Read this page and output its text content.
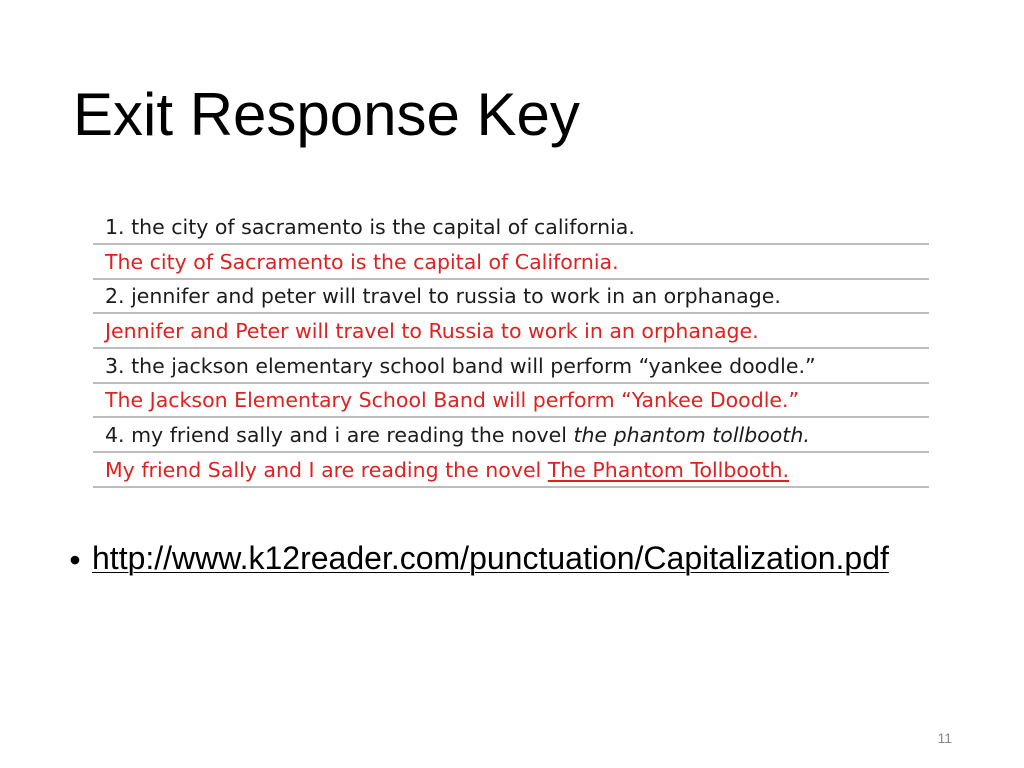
Exit Response Key
1. the city of sacramento is the capital of california.
The city of Sacramento is the capital of California.
2. jennifer and peter will travel to russia to work in an orphanage.
Jennifer and Peter will travel to Russia to work in an orphanage.
3. the jackson elementary school band will perform “yankee doodle.”
The Jackson Elementary School Band will perform “Yankee Doodle.”
4. my friend sally and i are reading the novel the phantom tollbooth.
My friend Sally and I are reading the novel The Phantom Tollbooth.
• http://www.k12reader.com/punctuation/Capitalization.pdf
11
